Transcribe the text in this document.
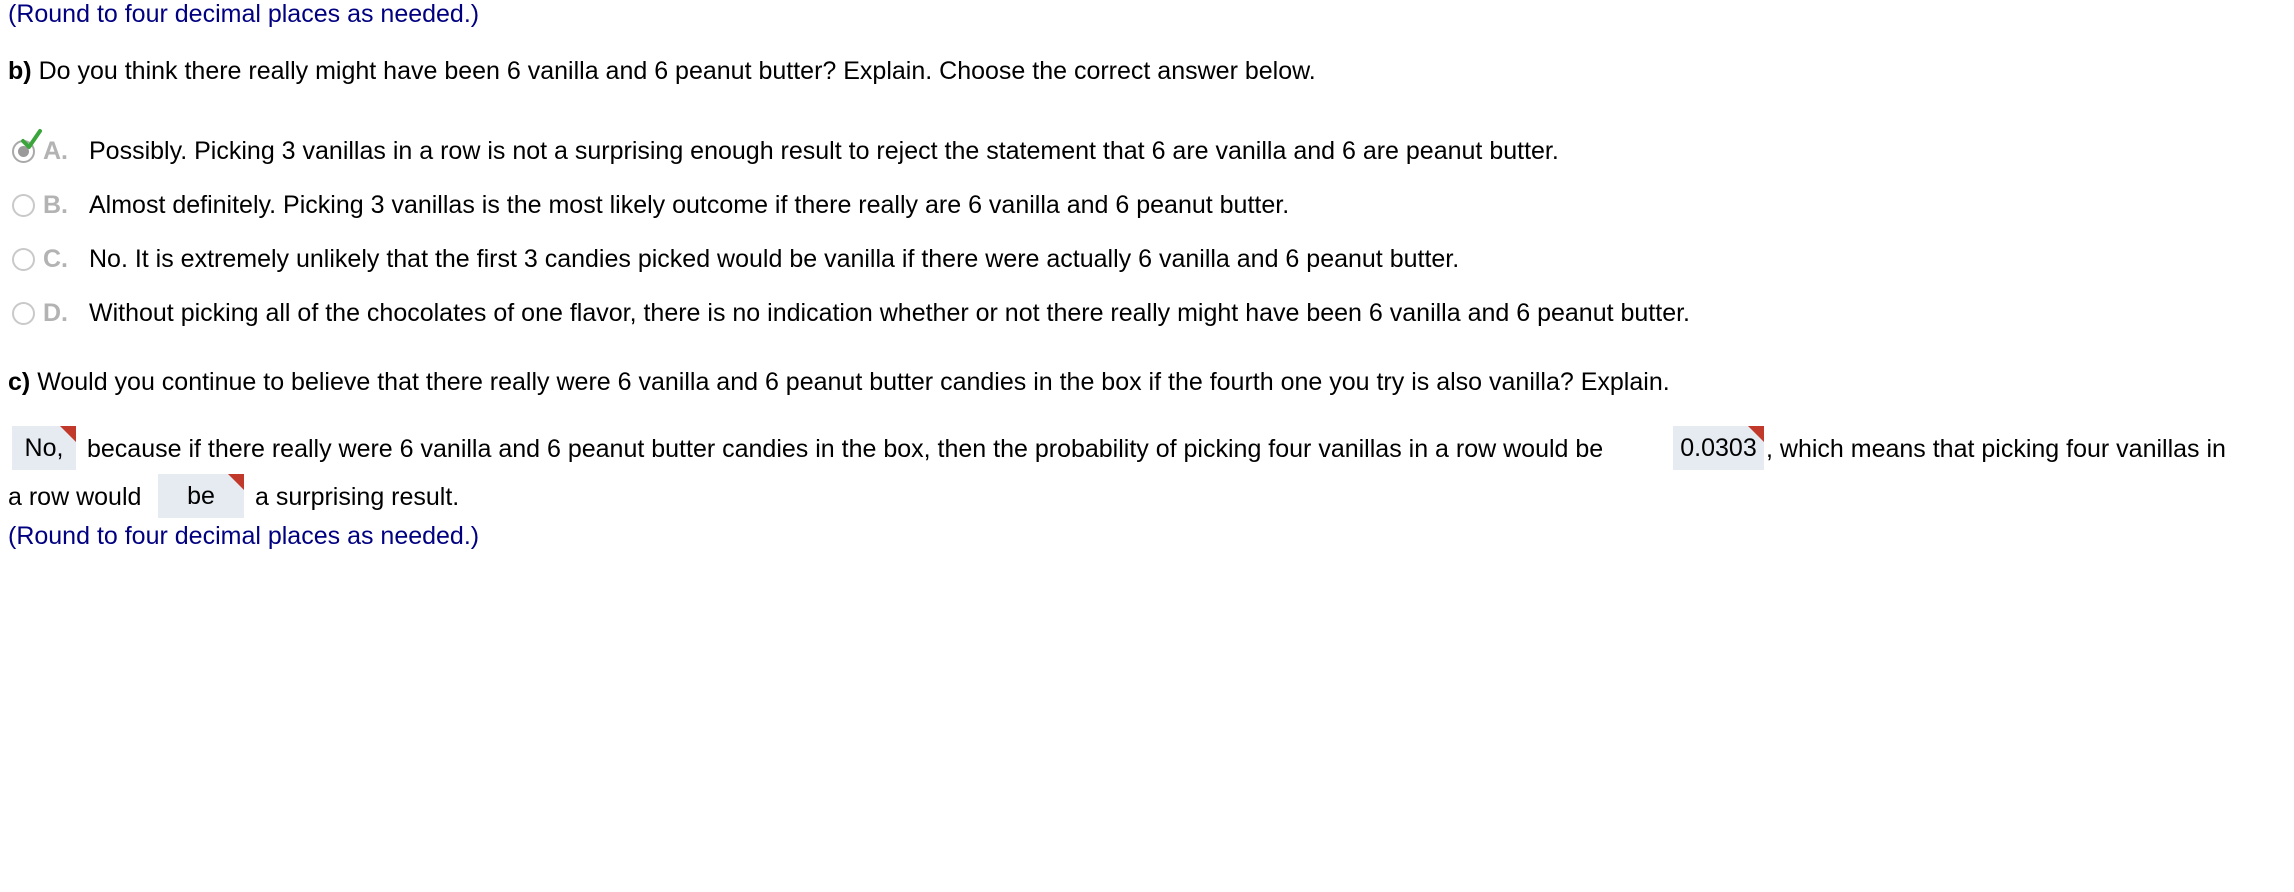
(Round to four decimal places as needed.)
b) Do you think there really might have been 6 vanilla and 6 peanut butter? Explain. Choose the correct answer below.
A. Possibly. Picking 3 vanillas in a row is not a surprising enough result to reject the statement that 6 are vanilla and 6 are peanut butter.
B. Almost definitely. Picking 3 vanillas is the most likely outcome if there really are 6 vanilla and 6 peanut butter.
C. No. It is extremely unlikely that the first 3 candies picked would be vanilla if there were actually 6 vanilla and 6 peanut butter.
D. Without picking all of the chocolates of one flavor, there is no indication whether or not there really might have been 6 vanilla and 6 peanut butter.
c) Would you continue to believe that there really were 6 vanilla and 6 peanut butter candies in the box if the fourth one you try is also vanilla? Explain.
No, because if there really were 6 vanilla and 6 peanut butter candies in the box, then the probability of picking four vanillas in a row would be	0.0303 , which means that picking four vanillas in
a row would	be	a surprising result.
(Round to four decimal places as needed.)
